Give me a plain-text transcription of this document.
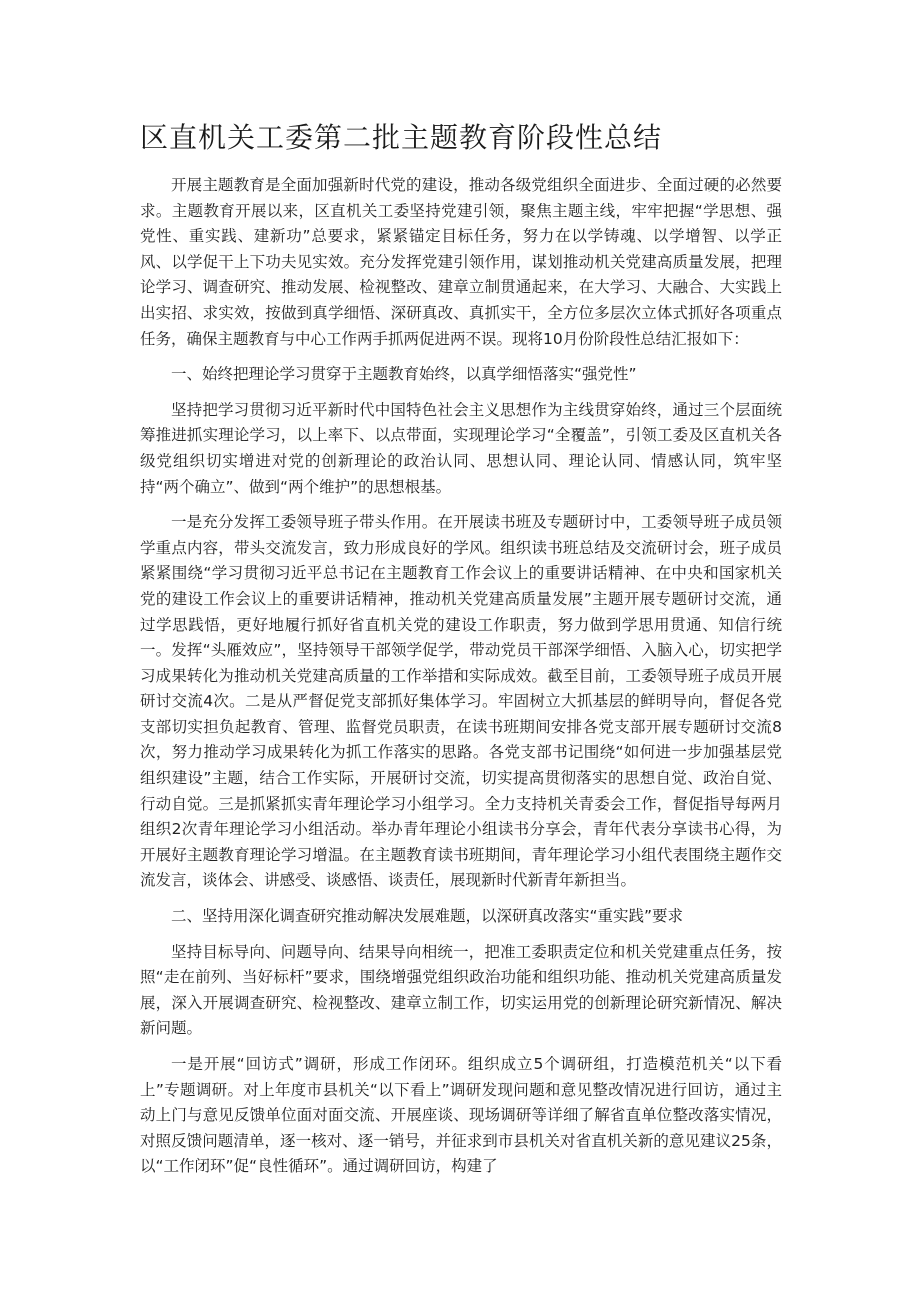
区直机关工委第二批主题教育阶段性总结

开展主题教育是全面加强新时代党的建设，推动各级党组织全面进步、全面过硬的必然要求。主题教育开展以来，区直机关工委坚持党建引领，聚焦主题主线，牢牢把握“学思想、强党性、重实践、建新功”总要求，紧紧锚定目标任务，努力在以学铸魂、以学增智、以学正风、以学促干上下功夫见实效。充分发挥党建引领作用，谋划推动机关党建高质量发展，把理论学习、调查研究、推动发展、检视整改、建章立制贯通起来，在大学习、大融合、大实践上出实招、求实效，按做到真学细悟、深研真改、真抓实干，全方位多层次立体式抓好各项重点任务，确保主题教育与中心工作两手抓两促进两不误。现将10月份阶段性总结汇报如下：

一、始终把理论学习贯穿于主题教育始终，以真学细悟落实“强党性”

坚持把学习贯彻习近平新时代中国特色社会主义思想作为主线贯穿始终，通过三个层面统筹推进抓实理论学习，以上率下、以点带面，实现理论学习“全覆盖”，引领工委及区直机关各级党组织切实增进对党的创新理论的政治认同、思想认同、理论认同、情感认同，筑牢坚持“两个确立”、做到“两个维护”的思想根基。

一是充分发挥工委领导班子带头作用。在开展读书班及专题研讨中，工委领导班子成员领学重点内容，带头交流发言，致力形成良好的学风。组织读书班总结及交流研讨会，班子成员紧紧围绕“学习贯彻习近平总书记在主题教育工作会议上的重要讲话精神、在中央和国家机关党的建设工作会议上的重要讲话精神，推动机关党建高质量发展”主题开展专题研讨交流，通过学思践悟，更好地履行抓好省直机关党的建设工作职责，努力做到学思用贯通、知信行统一。发挥“头雁效应”，坚持领导干部领学促学，带动党员干部深学细悟、入脑入心，切实把学习成果转化为推动机关党建高质量的工作举措和实际成效。截至目前，工委领导班子成员开展研讨交流4次。二是从严督促党支部抓好集体学习。牢固树立大抓基层的鲜明导向，督促各党支部切实担负起教育、管理、监督党员职责，在读书班期间安排各党支部开展专题研讨交流8次，努力推动学习成果转化为抓工作落实的思路。各党支部书记围绕“如何进一步加强基层党组织建设”主题，结合工作实际，开展研讨交流，切实提高贯彻落实的思想自觉、政治自觉、行动自觉。三是抓紧抓实青年理论学习小组学习。全力支持机关青委会工作，督促指导每两月组织2次青年理论学习小组活动。举办青年理论小组读书分享会，青年代表分享读书心得，为开展好主题教育理论学习增温。在主题教育读书班期间，青年理论学习小组代表围绕主题作交流发言，谈体会、讲感受、谈感悟、谈责任，展现新时代新青年新担当。

二、坚持用深化调查研究推动解决发展难题，以深研真改落实“重实践”要求

坚持目标导向、问题导向、结果导向相统一，把准工委职责定位和机关党建重点任务，按照“走在前列、当好标杆”要求，围绕增强党组织政治功能和组织功能、推动机关党建高质量发展，深入开展调查研究、检视整改、建章立制工作，切实运用党的创新理论研究新情况、解决新问题。

一是开展“回访式”调研，形成工作闭环。组织成立5个调研组，打造模范机关“以下看上”专题调研。对上年度市县机关“以下看上”调研发现问题和意见整改情况进行回访，通过主动上门与意见反馈单位面对面交流、开展座谈、现场调研等详细了解省直单位整改落实情况，对照反馈问题清单，逐一核对、逐一销号，并征求到市县机关对省直机关新的意见建议25条，以“工作闭环”促“良性循环”。通过调研回访，构建了
